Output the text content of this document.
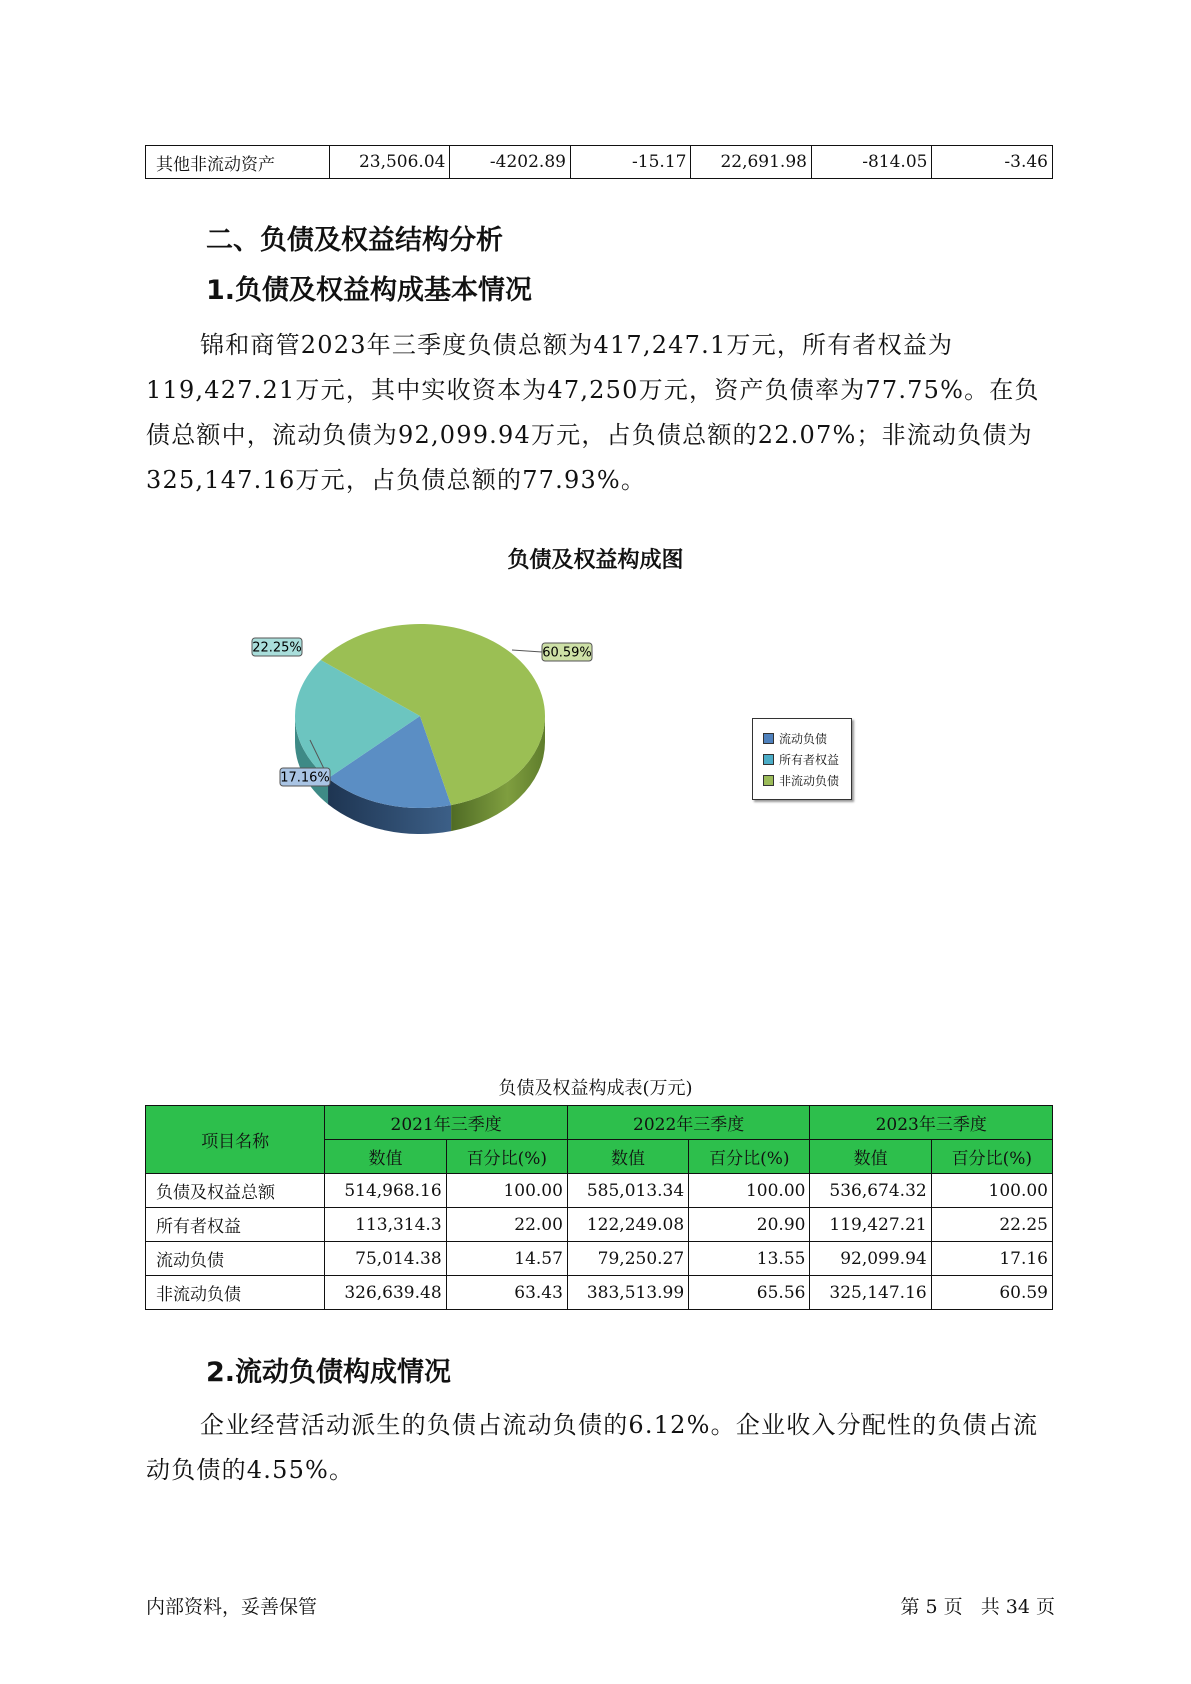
其他非流动资产	23,506.04	-4202.89	-15.17	22,691.98	-814.05	-3.46
二、负债及权益结构分析
1.负债及权益构成基本情况

锦和商管2023年三季度负债总额为417,247.1万元，所有者权益为119,427.21万元，其中实收资本为47,250万元，资产负债率为77.75%。在负债总额中，流动负债为92,099.94万元，占负债总额的22.07%；非流动负债为325,147.16万元，占负债总额的77.93%。

负债及权益构成图
17.16%
22.25%	60.59%
流动负债
所有者权益
非流动负债
负债及权益构成表(万元)
项目名称	2021年三季度		2022年三季度		2023年三季度	
	数值	百分比(%)	数值	百分比(%)	数值	百分比(%)
负债及权益总额	514,968.16	100.00	585,013.34	100.00	536,674.32	100.00
所有者权益	113,314.3	22.00	122,249.08	20.90	119,427.21	22.25
流动负债	75,014.38	14.57	79,250.27	13.55	92,099.94	17.16
非流动负债	326,639.48	63.43	383,513.99	65.56	325,147.16	60.59
2.流动负债构成情况

企业经营活动派生的负债占流动负债的6.12%。企业收入分配性的负债占流动负债的4.55%。

内部资料，妥善保管	第 5 页   共 34 页
